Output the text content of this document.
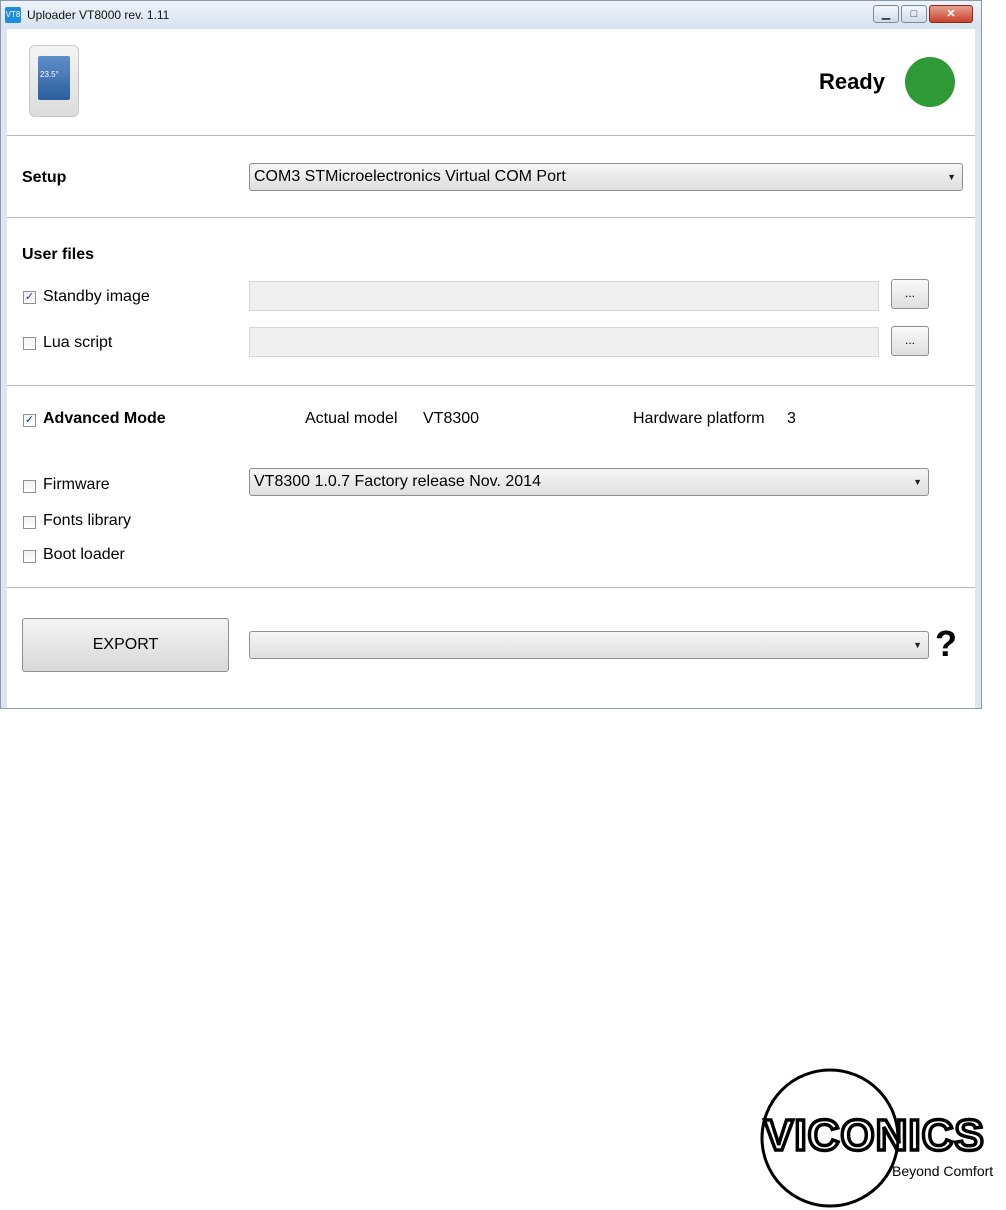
VT8 Uploader VT8000 rev. 1.11	▁	□	✕
23.5°	Ready
Setup	COM3 STMicroelectronics Virtual COM Port	▼
User files
✓ Standby image	...
Lua script	...
✓ Advanced Mode	Actual model VT8300	Hardware platform 3
Firmware	VT8300 1.0.7 Factory release Nov. 2014	▼
Fonts library
Boot loader
EXPORT	▼ ?
VICONICS
Beyond Comfort
